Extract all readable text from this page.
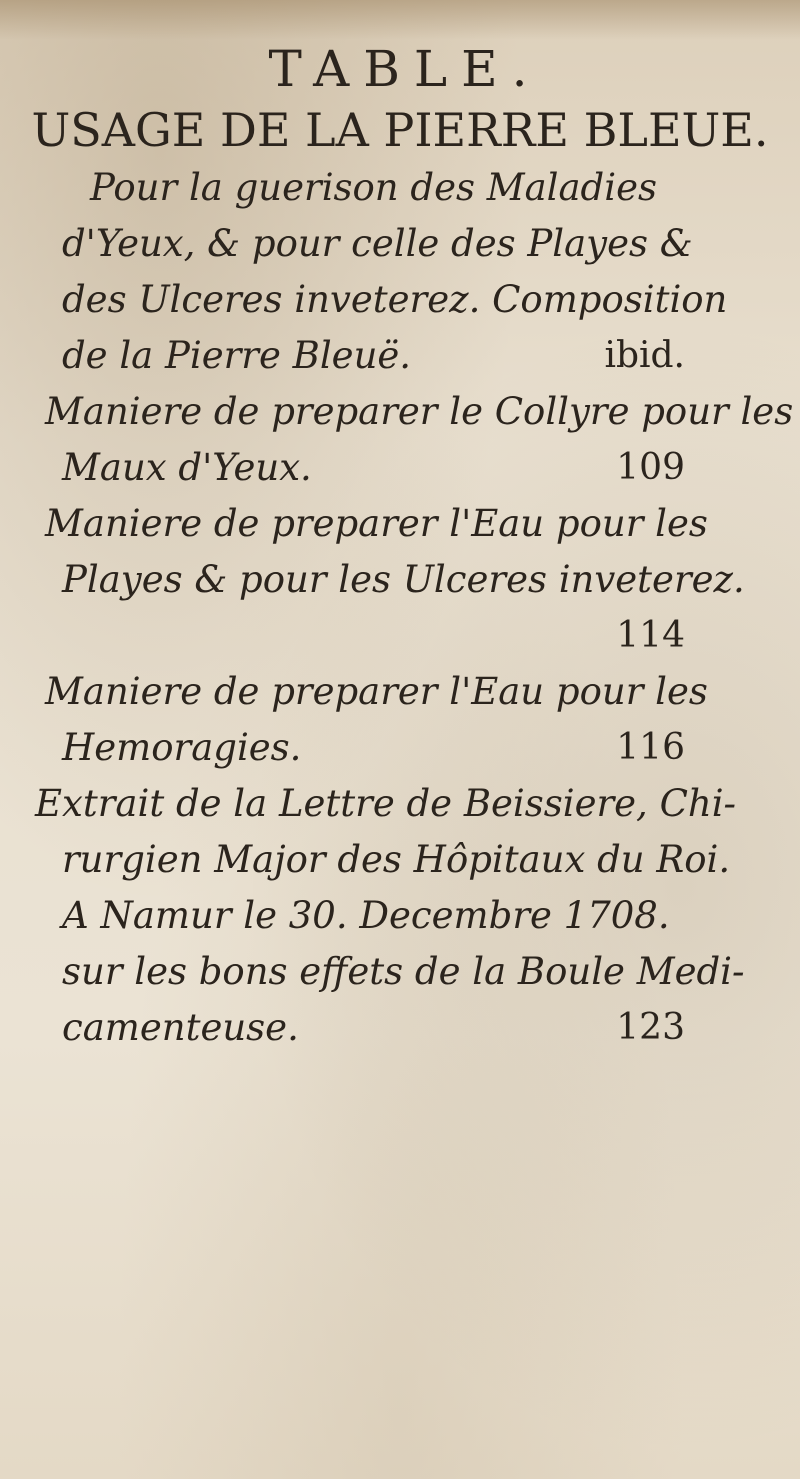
TABLE.
USAGE DE LA PIERRE BLEUE.
Pour la guerison des Maladies
d'Yeux, & pour celle des Playes &
des Ulceres inveterez. Composition
de la Pierre Bleuë.	ibid.
Maniere de preparer le Collyre pour les
Maux d'Yeux.	109
Maniere de preparer l'Eau pour les
Playes & pour les Ulceres inveterez.
114
Maniere de preparer l'Eau pour les
Hemoragies.	116
Extrait de la Lettre de Beissiere, Chi-
rurgien Major des Hôpitaux du Roi.
A Namur le 30. Decembre 1708.
sur les bons effets de la Boule Medi-
camenteuse.	123
